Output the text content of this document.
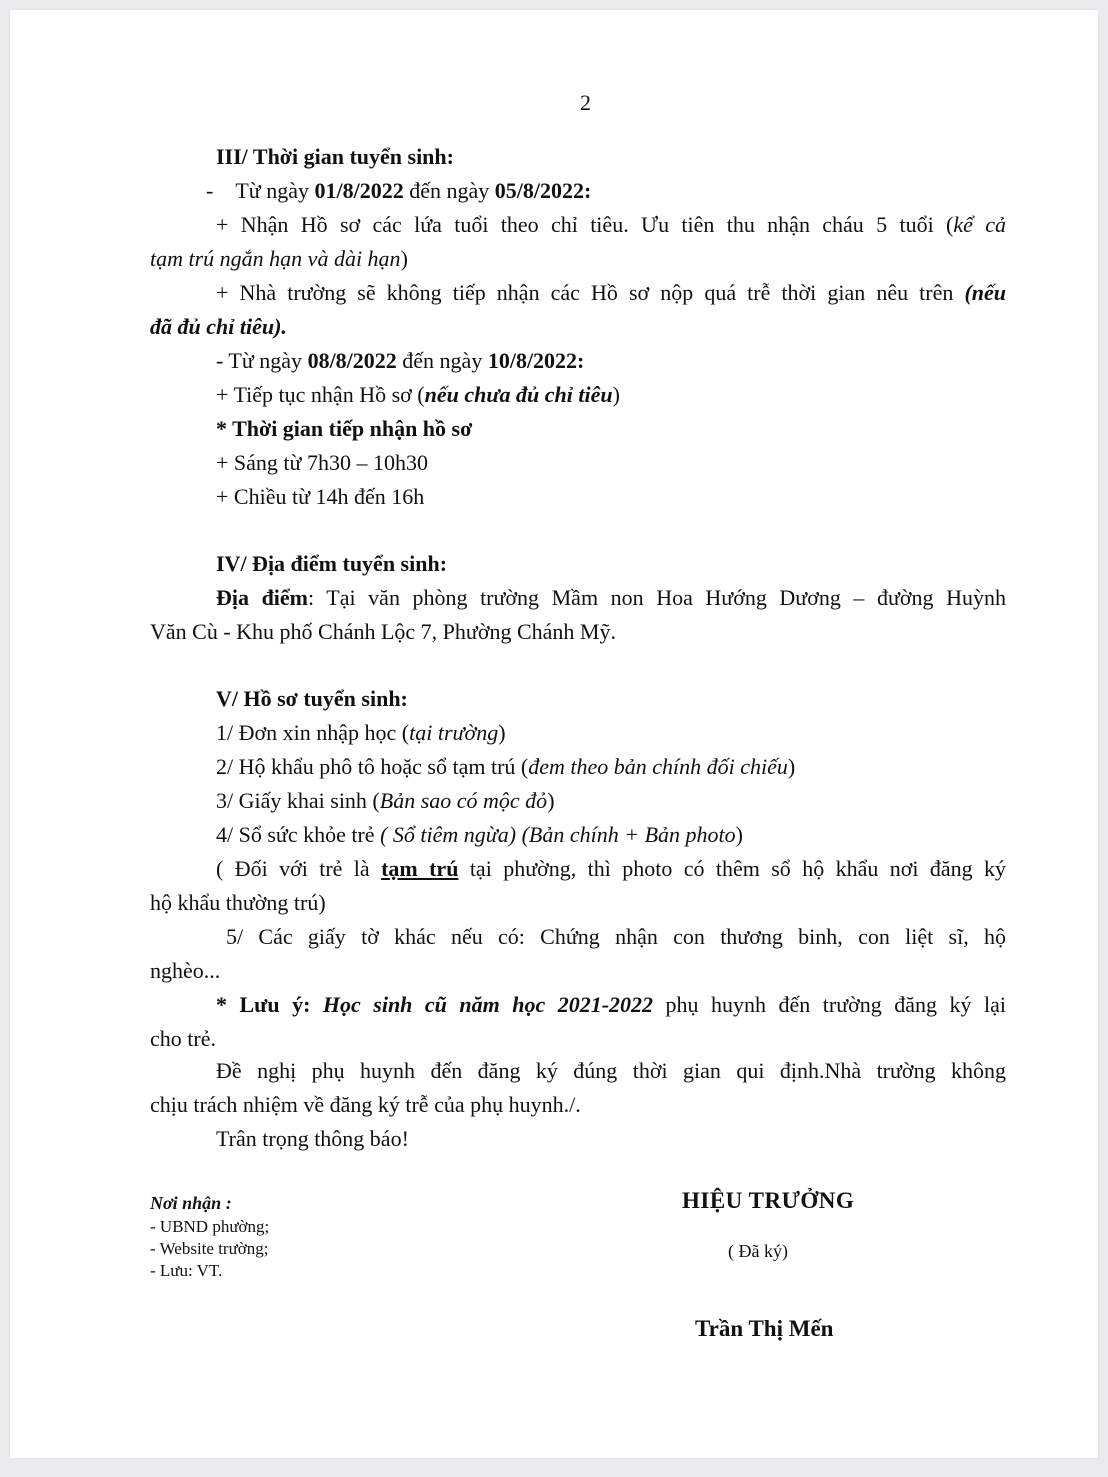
2
III/ Thời gian tuyển sinh:
- Từ ngày 01/8/2022 đến ngày 05/8/2022:
+ Nhận Hồ sơ các lứa tuổi theo chỉ tiêu. Ưu tiên thu nhận cháu 5 tuổi (kể cả
tạm trú ngắn hạn và dài hạn)
+ Nhà trường sẽ không tiếp nhận các Hồ sơ nộp quá trễ thời gian nêu trên (nếu
đã đủ chỉ tiêu).
- Từ ngày 08/8/2022 đến ngày 10/8/2022:
+ Tiếp tục nhận Hồ sơ (nếu chưa đủ chỉ tiêu)
* Thời gian tiếp nhận hồ sơ
+ Sáng từ 7h30 – 10h30
+ Chiều từ 14h đến 16h
IV/ Địa điểm tuyển sinh:
Địa điểm: Tại văn phòng trường Mầm non Hoa Hướng Dương – đường Huỳnh
Văn Cù - Khu phố Chánh Lộc 7, Phường Chánh Mỹ.
V/ Hồ sơ tuyển sinh:
1/ Đơn xin nhập học (tại trường)
2/ Hộ khẩu phô tô hoặc sổ tạm trú (đem theo bản chính đối chiếu)
3/ Giấy khai sinh (Bản sao có mộc đỏ)
4/ Sổ sức khỏe trẻ ( Sổ tiêm ngừa) (Bản chính + Bản photo)
( Đối với trẻ là tạm trú tại phường, thì photo có thêm sổ hộ khẩu nơi đăng ký
hộ khẩu thường trú)
5/ Các giấy tờ khác nếu có: Chứng nhận con thương binh, con liệt sĩ, hộ
nghèo...
* Lưu ý: Học sinh cũ năm học 2021-2022 phụ huynh đến trường đăng ký lại
cho trẻ.
Đề nghị phụ huynh đến đăng ký đúng thời gian qui định.Nhà trường không
chịu trách nhiệm về đăng ký trễ của phụ huynh./.
Trân trọng thông báo!
Nơi nhận :
- UBND phường;
- Website trường;
- Lưu: VT.
HIỆU TRƯỞNG
( Đã ký)
Trần Thị Mến
